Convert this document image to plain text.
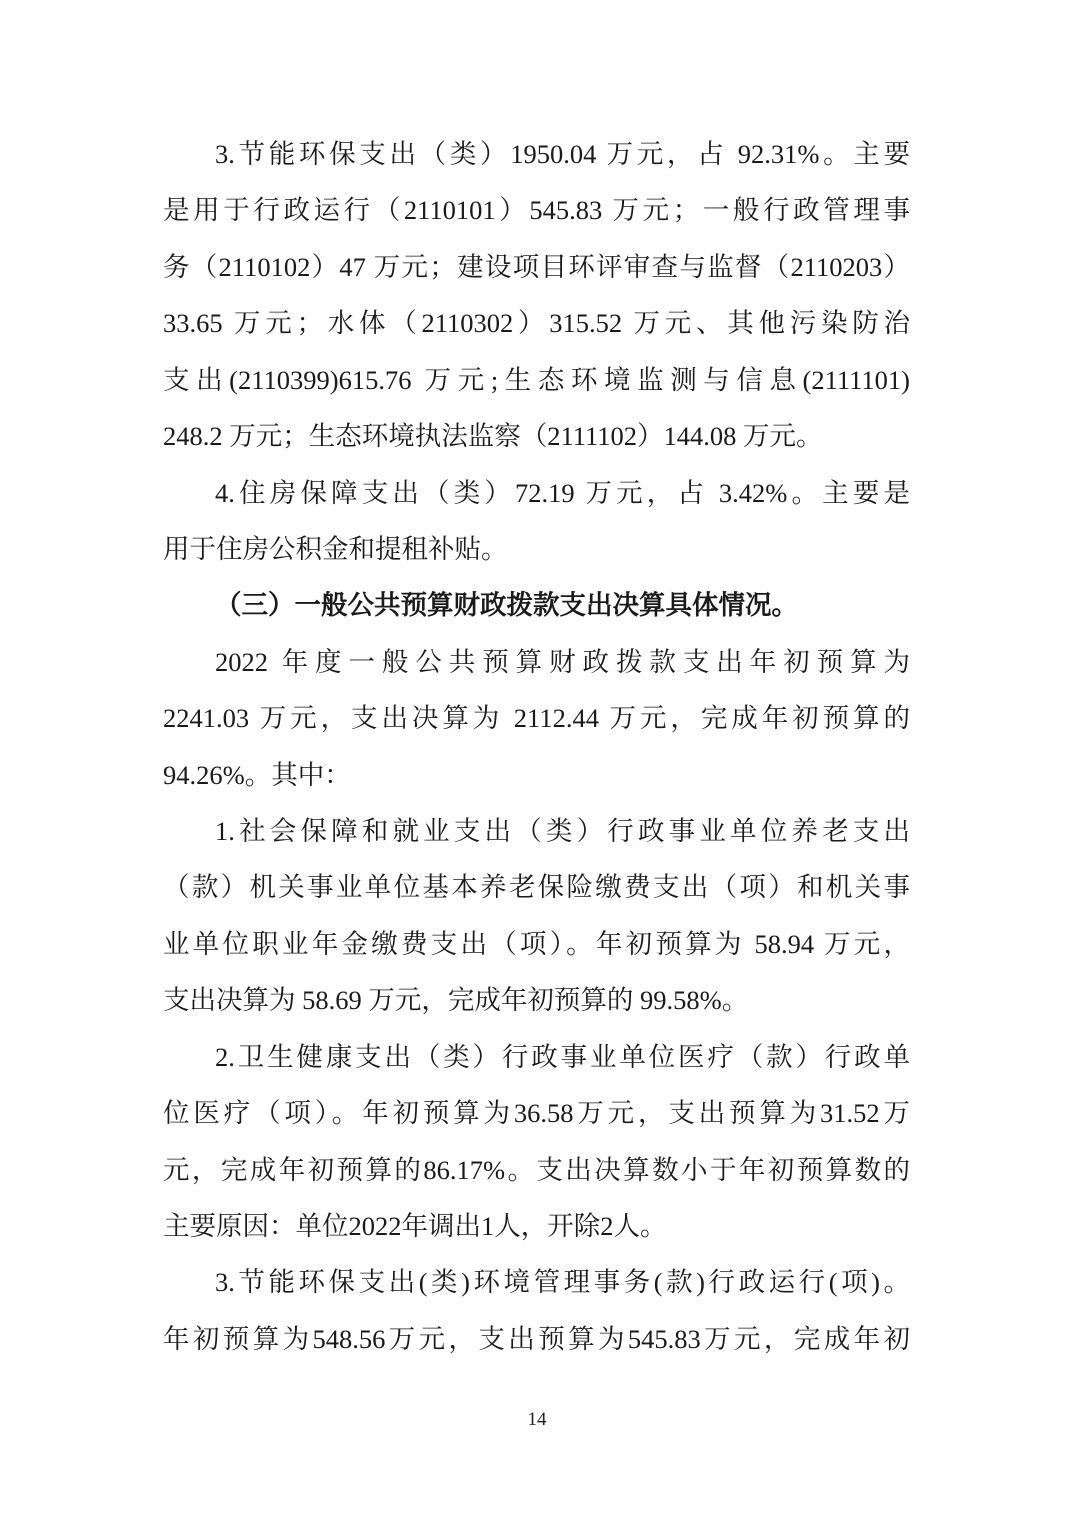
3.节能环保支出（类）1950.04 万元，占 92.31%。主要
是用于行政运行（2110101）545.83 万元；一般行政管理事
务（2110102）47 万元；建设项目环评审查与监督（2110203）
33.65 万元；水体（2110302）315.52 万元、其他污染防治
支出(2110399)615.76 万元;生态环境监测与信息(2111101)
248.2 万元；生态环境执法监察（2111102）144.08 万元。
4.住房保障支出（类）72.19 万元，占 3.42%。主要是
用于住房公积金和提租补贴。
（三）一般公共预算财政拨款支出决算具体情况。
2022 年度一般公共预算财政拨款支出年初预算为
2241.03 万元，支出决算为 2112.44 万元，完成年初预算的
94.26%。其中：
1.社会保障和就业支出（类）行政事业单位养老支出
（款）机关事业单位基本养老保险缴费支出（项）和机关事
业单位职业年金缴费支出（项）。年初预算为 58.94 万元，
支出决算为 58.69 万元，完成年初预算的 99.58%。
2.卫生健康支出（类）行政事业单位医疗（款）行政单
位医疗（项）。年初预算为36.58万元，支出预算为31.52万
元，完成年初预算的86.17%。支出决算数小于年初预算数的
主要原因：单位2022年调出1人，开除2人。
3.节能环保支出(类)环境管理事务(款)行政运行(项)。
年初预算为548.56万元，支出预算为545.83万元，完成年初
14
